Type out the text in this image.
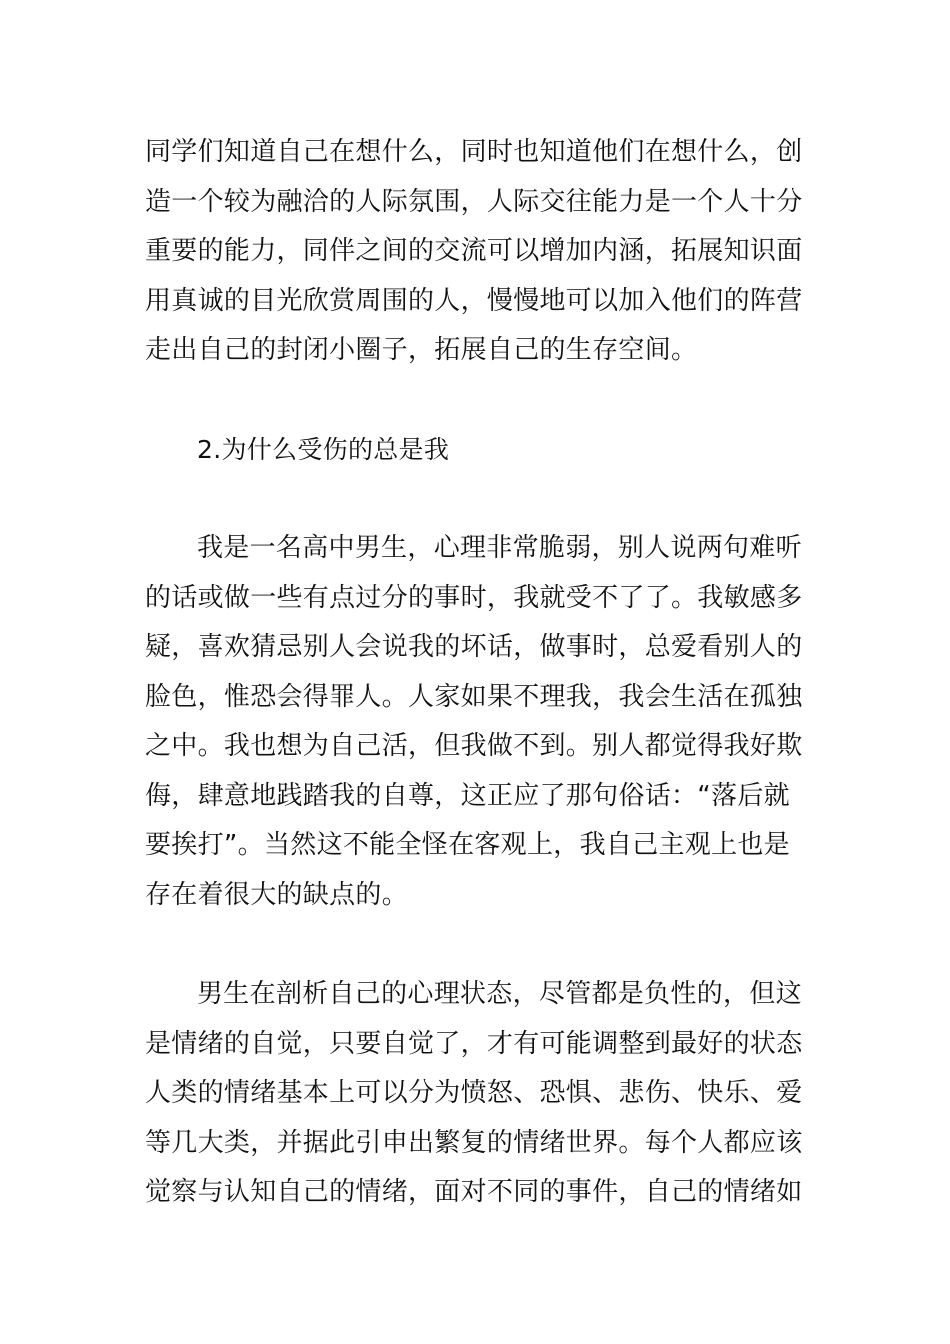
同学们知道自己在想什么，同时也知道他们在想什么，创
造一个较为融洽的人际氛围，人际交往能力是一个人十分
重要的能力，同伴之间的交流可以增加内涵，拓展知识面
用真诚的目光欣赏周围的人，慢慢地可以加入他们的阵营
走出自己的封闭小圈子，拓展自己的生存空间。
2.为什么受伤的总是我
我是一名高中男生，心理非常脆弱，别人说两句难听
的话或做一些有点过分的事时，我就受不了了。我敏感多
疑，喜欢猜忌别人会说我的坏话，做事时，总爱看别人的
脸色，惟恐会得罪人。人家如果不理我，我会生活在孤独
之中。我也想为自己活，但我做不到。别人都觉得我好欺
侮，肆意地践踏我的自尊，这正应了那句俗话：“落后就
要挨打”。当然这不能全怪在客观上，我自己主观上也是
存在着很大的缺点的。
男生在剖析自己的心理状态，尽管都是负性的，但这
是情绪的自觉，只要自觉了，才有可能调整到最好的状态
人类的情绪基本上可以分为愤怒、恐惧、悲伤、快乐、爱
等几大类，并据此引申出繁复的情绪世界。每个人都应该
觉察与认知自己的情绪，面对不同的事件，自己的情绪如
